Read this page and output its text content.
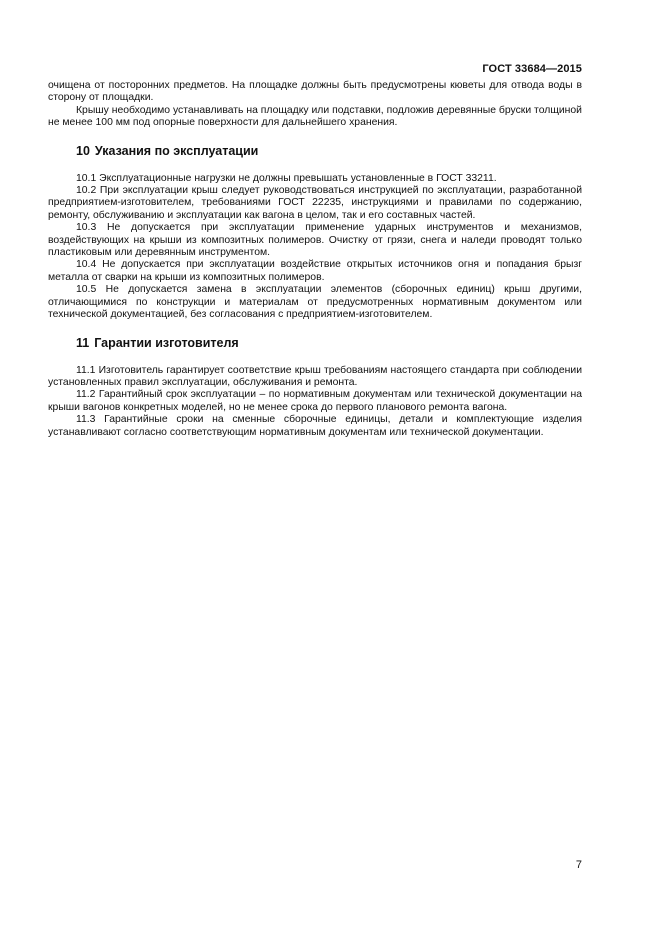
ГОСТ 33684—2015

очищена от посторонних предметов. На площадке должны быть предусмотрены кюветы для отвода воды в сторону от площадки.

Крышу необходимо устанавливать на площадку или подставки, подложив деревянные бруски толщиной не менее 100 мм под опорные поверхности для дальнейшего хранения.

10 Указания по эксплуатации

10.1 Эксплуатационные нагрузки не должны превышать установленные в ГОСТ 33211.

10.2 При эксплуатации крыш следует руководствоваться инструкцией по эксплуатации, разработанной предприятием-изготовителем, требованиями ГОСТ 22235, инструкциями и правилами по содержанию, ремонту, обслуживанию и эксплуатации как вагона в целом, так и его составных частей.

10.3 Не допускается при эксплуатации применение ударных инструментов и механизмов, воздействующих на крыши из композитных полимеров. Очистку от грязи, снега и наледи проводят только пластиковым или деревянным инструментом.

10.4 Не допускается при эксплуатации воздействие открытых источников огня и попадания брызг металла от сварки на крыши из композитных полимеров.

10.5 Не допускается замена в эксплуатации элементов (сборочных единиц) крыш другими, отличающимися по конструкции и материалам от предусмотренных нормативным документом или технической документацией, без согласования с предприятием-изготовителем.

11 Гарантии изготовителя

11.1 Изготовитель гарантирует соответствие крыш требованиям настоящего стандарта при соблюдении установленных правил эксплуатации, обслуживания и ремонта.

11.2 Гарантийный срок эксплуатации – по нормативным документам или технической документации на крыши вагонов конкретных моделей, но не менее срока до первого планового ремонта вагона.

11.3 Гарантийные сроки на сменные сборочные единицы, детали и комплектующие изделия устанавливают согласно соответствующим нормативным документам или технической документации.

7
